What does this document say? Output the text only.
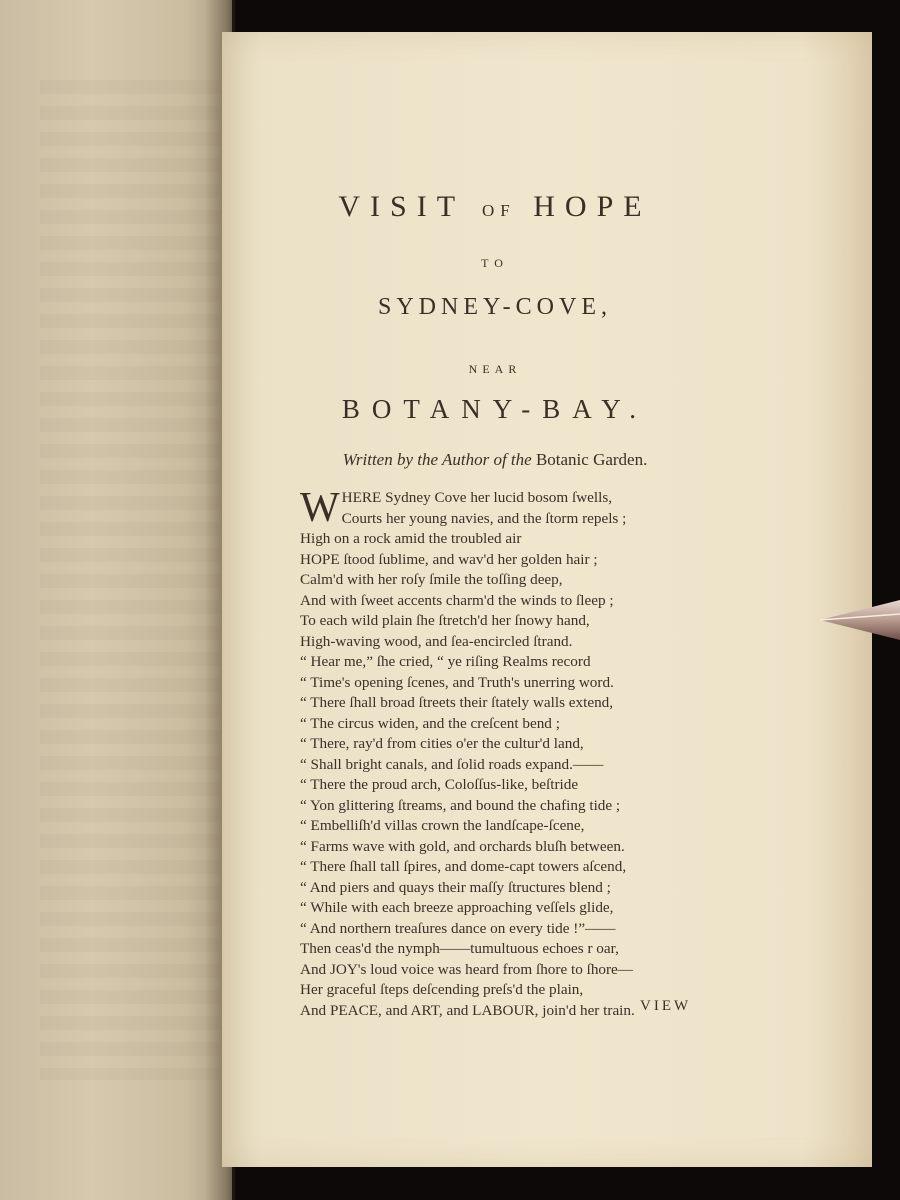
VISIT OF HOPE
TO
SYDNEY-COVE,
NEAR
BOTANY-BAY.
Written by the Author of the Botanic Garden.
W HERE Sydney Cove her lucid bosom ſwells,
Courts her young navies, and the ſtorm repels ;
High on a rock amid the troubled air
HOPE ſtood ſublime, and wav'd her golden hair ;
Calm'd with her roſy ſmile the toſſing deep,
And with ſweet accents charm'd the winds to ſleep ;
To each wild plain ſhe ſtretch'd her ſnowy hand,
High-waving wood, and ſea-encircled ſtrand.
“ Hear me,” ſhe cried, “ ye riſing Realms record
“ Time's opening ſcenes, and Truth's unerring word.
“ There ſhall broad ſtreets their ſtately walls extend,
“ The circus widen, and the creſcent bend ;
“ There, ray'd from cities o'er the cultur'd land,
“ Shall bright canals, and ſolid roads expand.——
“ There the proud arch, Coloſſus-like, beſtride
“ Yon glittering ſtreams, and bound the chafing tide ;
“ Embelliſh'd villas crown the landſcape-ſcene,
“ Farms wave with gold, and orchards bluſh between.
“ There ſhall tall ſpires, and dome-capt towers aſcend,
“ And piers and quays their maſſy ſtructures blend ;
“ While with each breeze approaching veſſels glide,
“ And northern treaſures dance on every tide !”——
Then ceas'd the nymph——tumultuous echoes r oar,
And JOY's loud voice was heard from ſhore to ſhore—
Her graceful ſteps deſcending preſs'd the plain,
And PEACE, and ART, and LABOUR, join'd her train. VIEW
